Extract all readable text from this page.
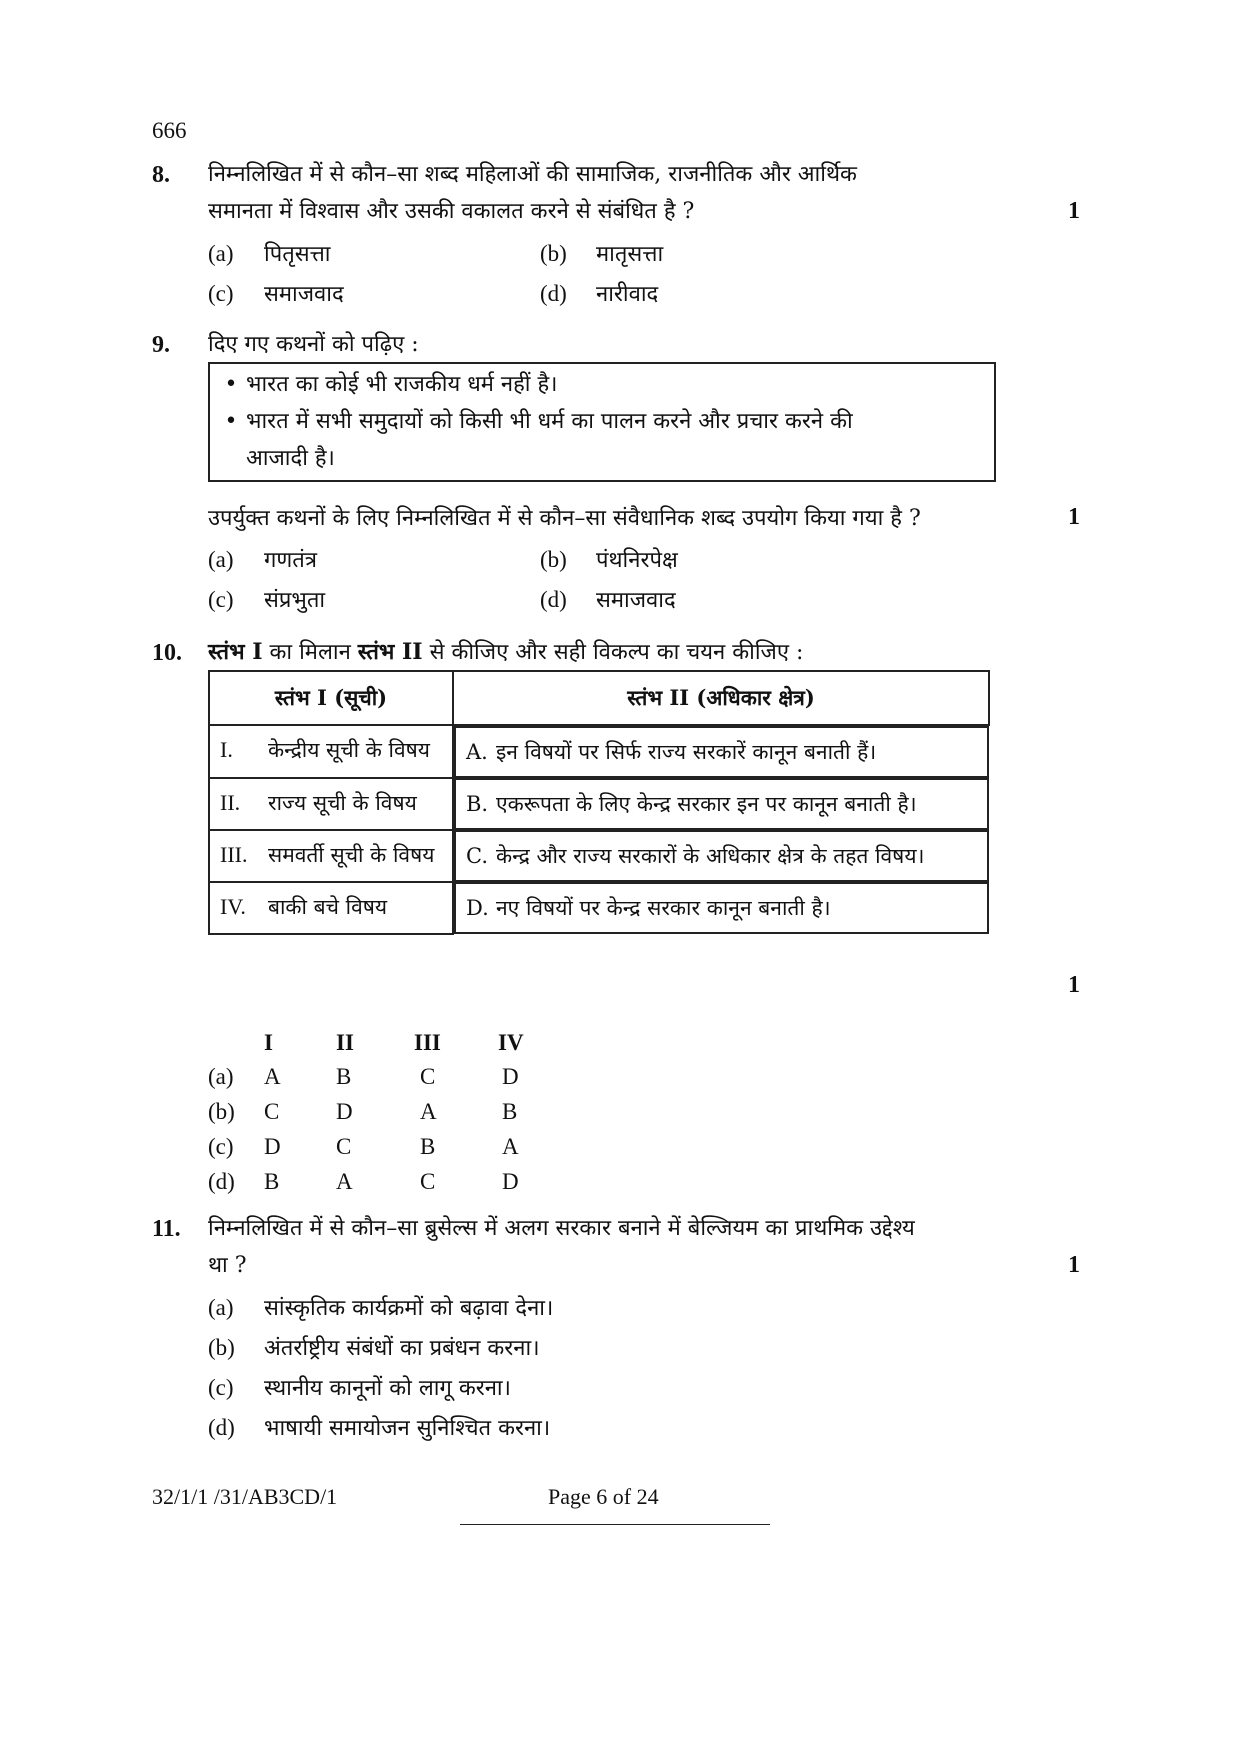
666
8. निम्नलिखित में से कौन–सा शब्द महिलाओं की सामाजिक, राजनीतिक और आर्थिक
समानता में विश्वास और उसकी वकालत करने से संबंधित है ?	1
(a)	पितृसत्ता	(b)	मातृसत्ता
(c)	समाजवाद	(d)	नारीवाद
9. दिए गए कथनों को पढ़िए :

• भारत का कोई भी राजकीय धर्म नहीं है।

• भारत में सभी समुदायों को किसी भी धर्म का पालन करने और प्रचार करने की

आजादी है।

उपर्युक्त कथनों के लिए निम्नलिखित में से कौन–सा संवैधानिक शब्द उपयोग किया गया है ?	1
(a)	गणतंत्र	(b)	पंथनिरपेक्ष
(c)	संप्रभुता	(d)	समाजवाद
10. स्तंभ I का मिलान स्तंभ II से कीजिए और सही विकल्प का चयन कीजिए :
स्तंभ I (सूची)	स्तंभ II (अधिकार क्षेत्र)
I. केन्द्रीय सूची के विषय	A. इन विषयों पर सिर्फ राज्य सरकारें कानून बनाती हैं।

II. राज्य सूची के विषय	B. एकरूपता के लिए केन्द्र सरकार इन पर कानून बनाती है।

III. समवर्ती सूची के विषय	C. केन्द्र और राज्य सरकारों के अधिकार क्षेत्र के तहत विषय।

IV. बाकी बचे विषय		D. नए विषयों पर केन्द्र सरकार कानून बनाती है।
1
I	II	III IV
(a) A B	C	D
(b) C D	A	B
(c) D C	B	A
(d) B A	C	D
11. निम्नलिखित में से कौन–सा ब्रुसेल्स में अलग सरकार बनाने में बेल्जियम का प्राथमिक उद्देश्य
था ?	1
(a)	सांस्कृतिक कार्यक्रमों को बढ़ावा देना।
(b)	अंतर्राष्ट्रीय संबंधों का प्रबंधन करना।
(c)	स्थानीय कानूनों को लागू करना।
(d)	भाषायी समायोजन सुनिश्चित करना।
32/1/1 /31/AB3CD/1	Page 6 of 24
